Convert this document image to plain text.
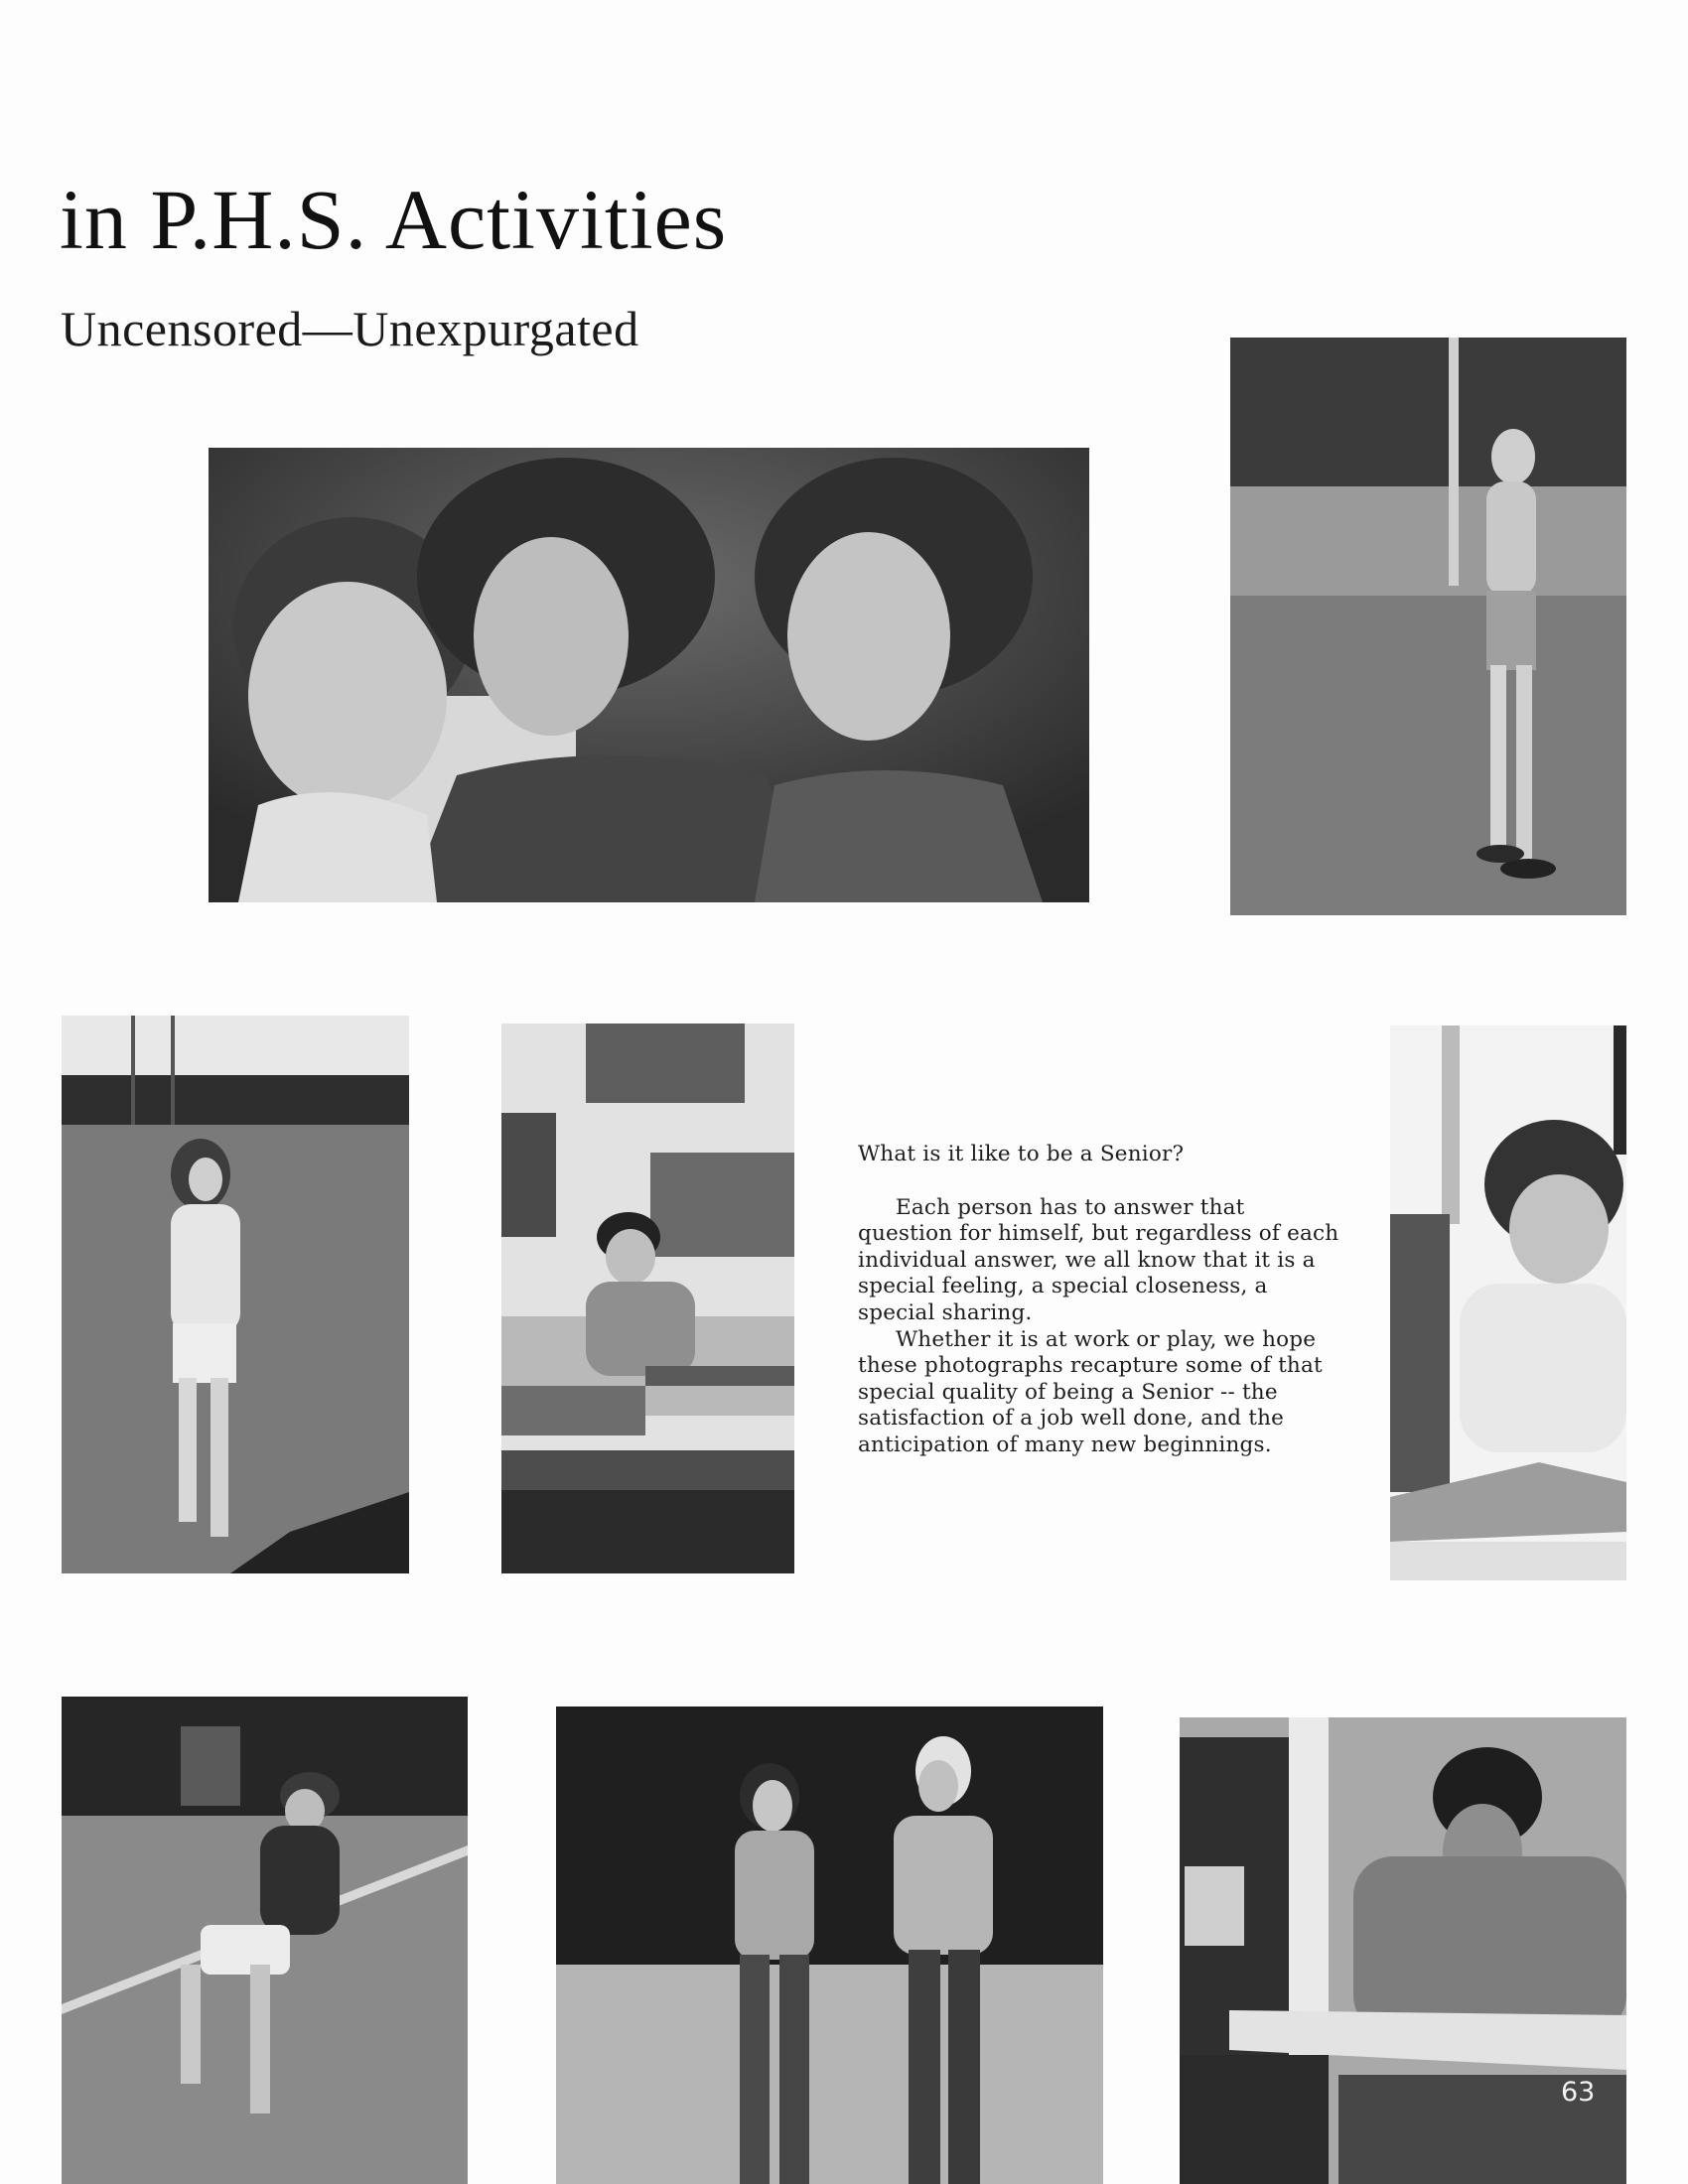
in P.H.S. Activities
Uncensored—Unexpurgated

What is it like to be a Senior?

Each person has to answer that question for himself, but regardless of each individual answer, we all know that it is a special feeling, a special closeness, a special sharing.

Whether it is at work or play, we hope these photographs recapture some of that special quality of being a Senior -- the satisfaction of a job well done, and the anticipation of many new beginnings.

63
